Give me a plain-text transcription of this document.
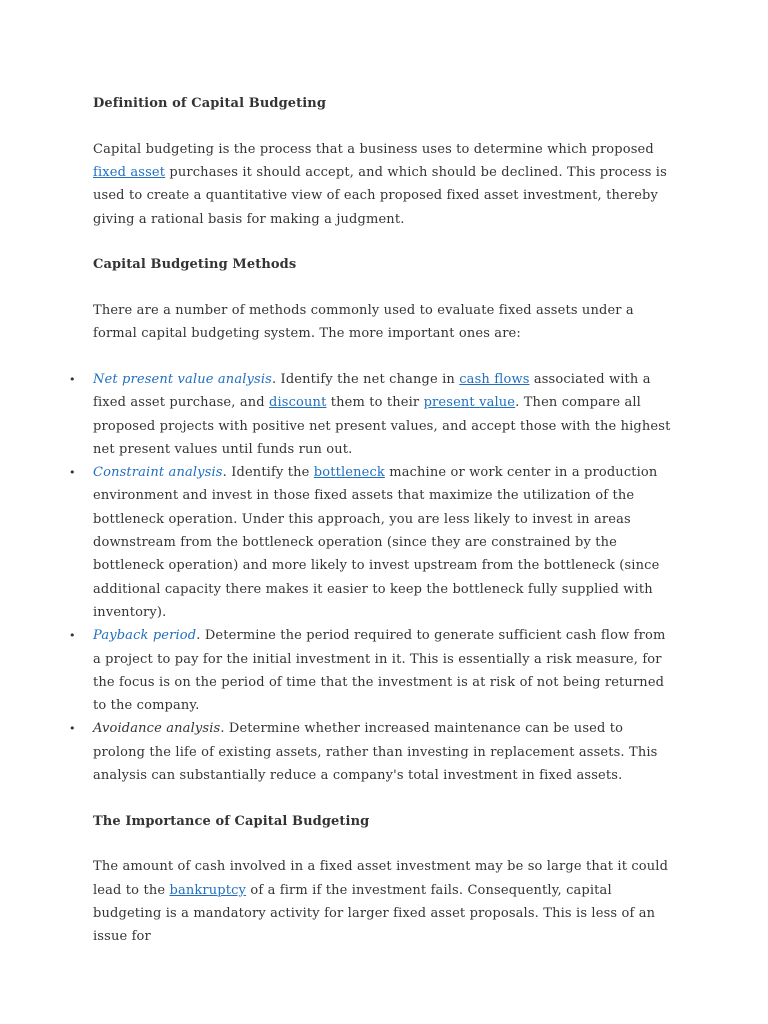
Definition of Capital Budgeting

Capital budgeting is the process that a business uses to determine which proposed fixed asset purchases it should accept, and which should be declined. This process is used to create a quantitative view of each proposed fixed asset investment, thereby giving a rational basis for making a judgment.

Capital Budgeting Methods

There are a number of methods commonly used to evaluate fixed assets under a formal capital budgeting system. The more important ones are:

• Net present value analysis. Identify the net change in cash flows associated with a fixed asset purchase, and discount them to their present value. Then compare all proposed projects with positive net present values, and accept those with the highest net present values until funds run out.
• Constraint analysis. Identify the bottleneck machine or work center in a production environment and invest in those fixed assets that maximize the utilization of the bottleneck operation. Under this approach, you are less likely to invest in areas downstream from the bottleneck operation (since they are constrained by the bottleneck operation) and more likely to invest upstream from the bottleneck (since additional capacity there makes it easier to keep the bottleneck fully supplied with inventory).
• Payback period. Determine the period required to generate sufficient cash flow from a project to pay for the initial investment in it. This is essentially a risk measure, for the focus is on the period of time that the investment is at risk of not being returned to the company.
• Avoidance analysis. Determine whether increased maintenance can be used to prolong the life of existing assets, rather than investing in replacement assets. This analysis can substantially reduce a company's total investment in fixed assets.

The Importance of Capital Budgeting

The amount of cash involved in a fixed asset investment may be so large that it could lead to the bankruptcy of a firm if the investment fails. Consequently, capital budgeting is a mandatory activity for larger fixed asset proposals. This is less of an issue for
